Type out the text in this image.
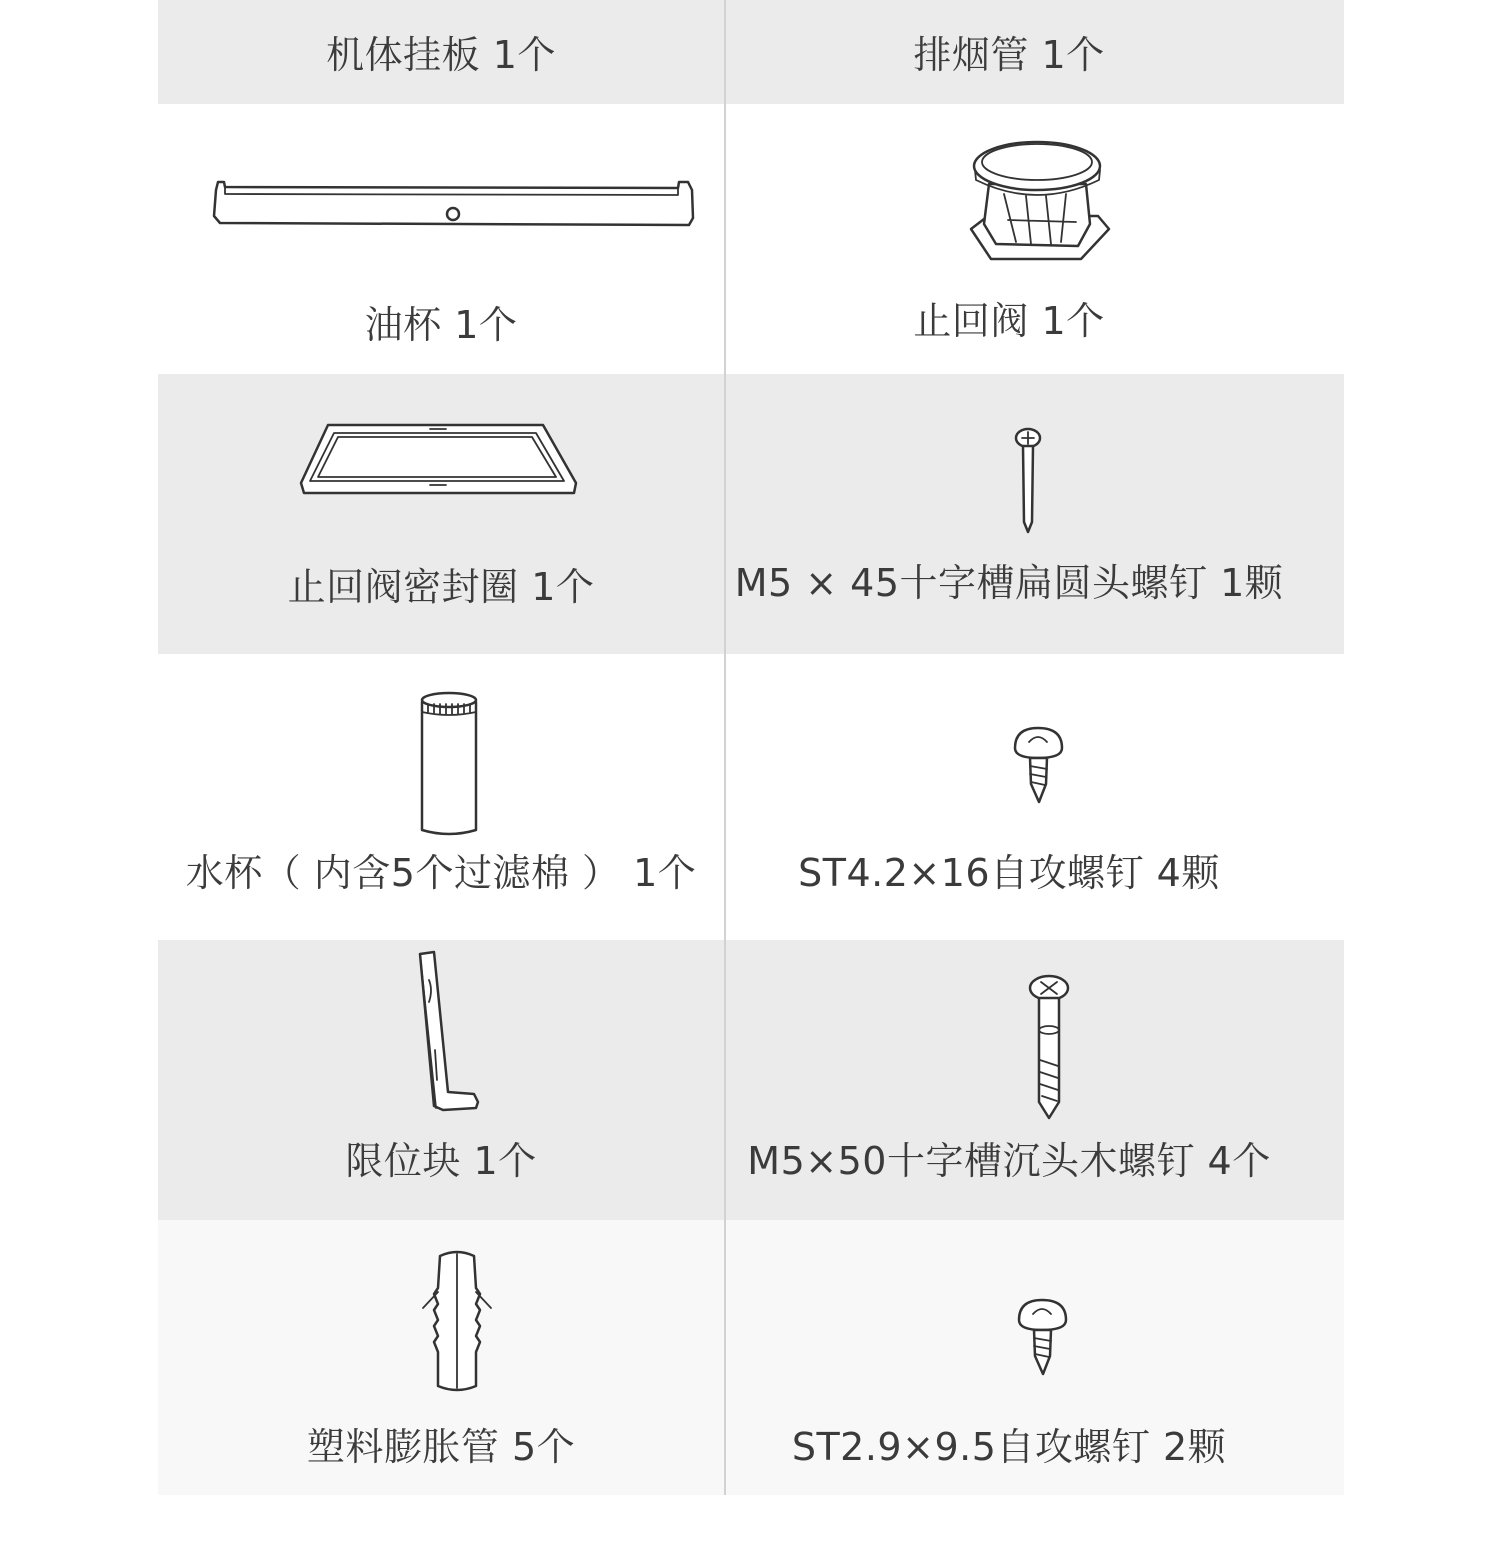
机体挂板 1个	排烟管 1个
油杯 1个	止回阀 1个
止回阀密封圈 1个	M5 × 45十字槽扁圆头螺钉 1颗
水杯（ 内含5个过滤棉 ） 1个	ST4.2×16自攻螺钉 4颗
限位块 1个	M5×50十字槽沉头木螺钉 4个
塑料膨胀管 5个	ST2.9×9.5自攻螺钉 2颗
